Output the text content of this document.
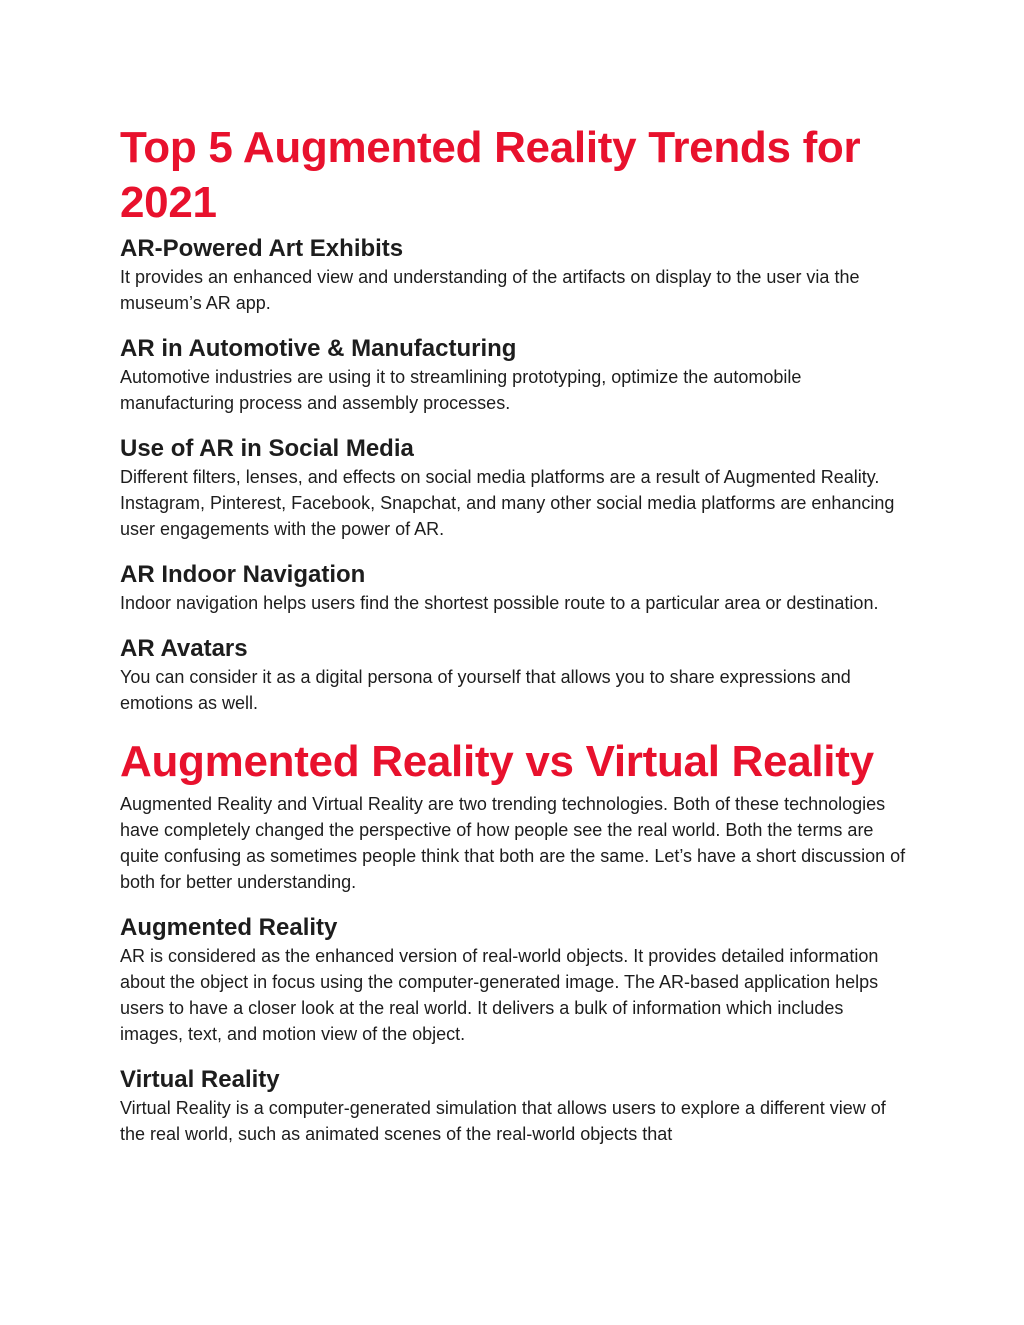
Top 5 Augmented Reality Trends for 2021
AR-Powered Art Exhibits

It provides an enhanced view and understanding of the artifacts on display to the user via the museum’s AR app.

AR in Automotive & Manufacturing

Automotive industries are using it to streamlining prototyping, optimize the automobile manufacturing process and assembly processes.

Use of AR in Social Media

Different filters, lenses, and effects on social media platforms are a result of Augmented Reality. Instagram, Pinterest, Facebook, Snapchat, and many other social media platforms are enhancing user engagements with the power of AR.

AR Indoor Navigation

Indoor navigation helps users find the shortest possible route to a particular area or destination.

AR Avatars

You can consider it as a digital persona of yourself that allows you to share expressions and emotions as well.

Augmented Reality vs Virtual Reality

Augmented Reality and Virtual Reality are two trending technologies. Both of these technologies have completely changed the perspective of how people see the real world. Both the terms are quite confusing as sometimes people think that both are the same. Let’s have a short discussion of both for better understanding.

Augmented Reality

AR is considered as the enhanced version of real-world objects. It provides detailed information about the object in focus using the computer-generated image. The AR-based application helps users to have a closer look at the real world. It delivers a bulk of information which includes images, text, and motion view of the object.

Virtual Reality

Virtual Reality is a computer-generated simulation that allows users to explore a different view of the real world, such as animated scenes of the real-world objects that
